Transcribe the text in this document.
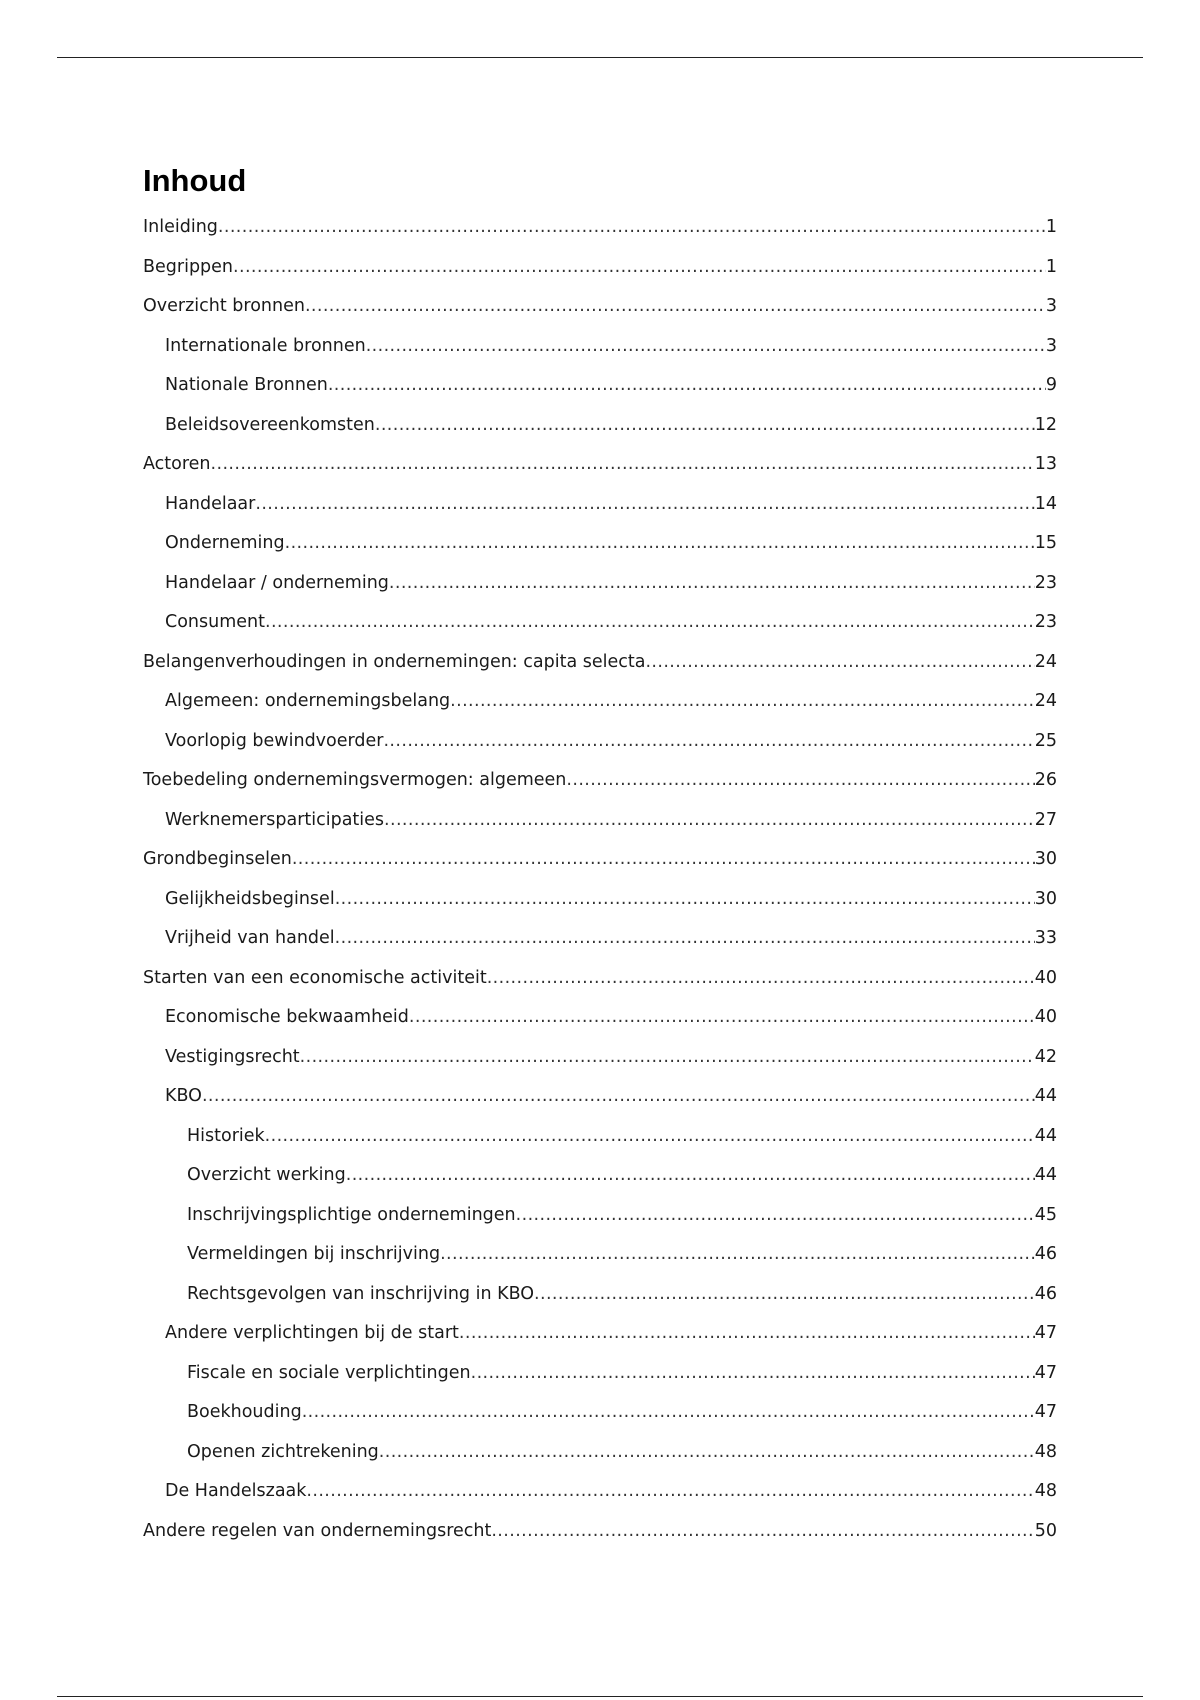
Inhoud
Inleiding .....	1
Begrippen .....	1
Overzicht bronnen .....	3
Internationale bronnen .....	3
Nationale Bronnen .....	9
Beleidsovereenkomsten .....	12
Actoren .....	13
Handelaar .....	14
Onderneming .....	15
Handelaar / onderneming .....	23
Consument .....	23
Belangenverhoudingen in ondernemingen: capita selecta .....	24
Algemeen: ondernemingsbelang .....	24
Voorlopig bewindvoerder .....	25
Toebedeling ondernemingsvermogen: algemeen .....	26
Werknemersparticipaties .....	27
Grondbeginselen .....	30
Gelijkheidsbeginsel .....	30
Vrijheid van handel .....	33
Starten van een economische activiteit .....	40
Economische bekwaamheid .....	40
Vestigingsrecht .....	42
KBO .....	44
Historiek .....	44
Overzicht werking .....	44
Inschrijvingsplichtige ondernemingen .....	45
Vermeldingen bij inschrijving .....	46
Rechtsgevolgen van inschrijving in KBO .....	46
Andere verplichtingen bij de start .....	47
Fiscale en sociale verplichtingen .....	47
Boekhouding .....	47
Openen zichtrekening .....	48
De Handelszaak .....	48
Andere regelen van ondernemingsrecht .....	50
